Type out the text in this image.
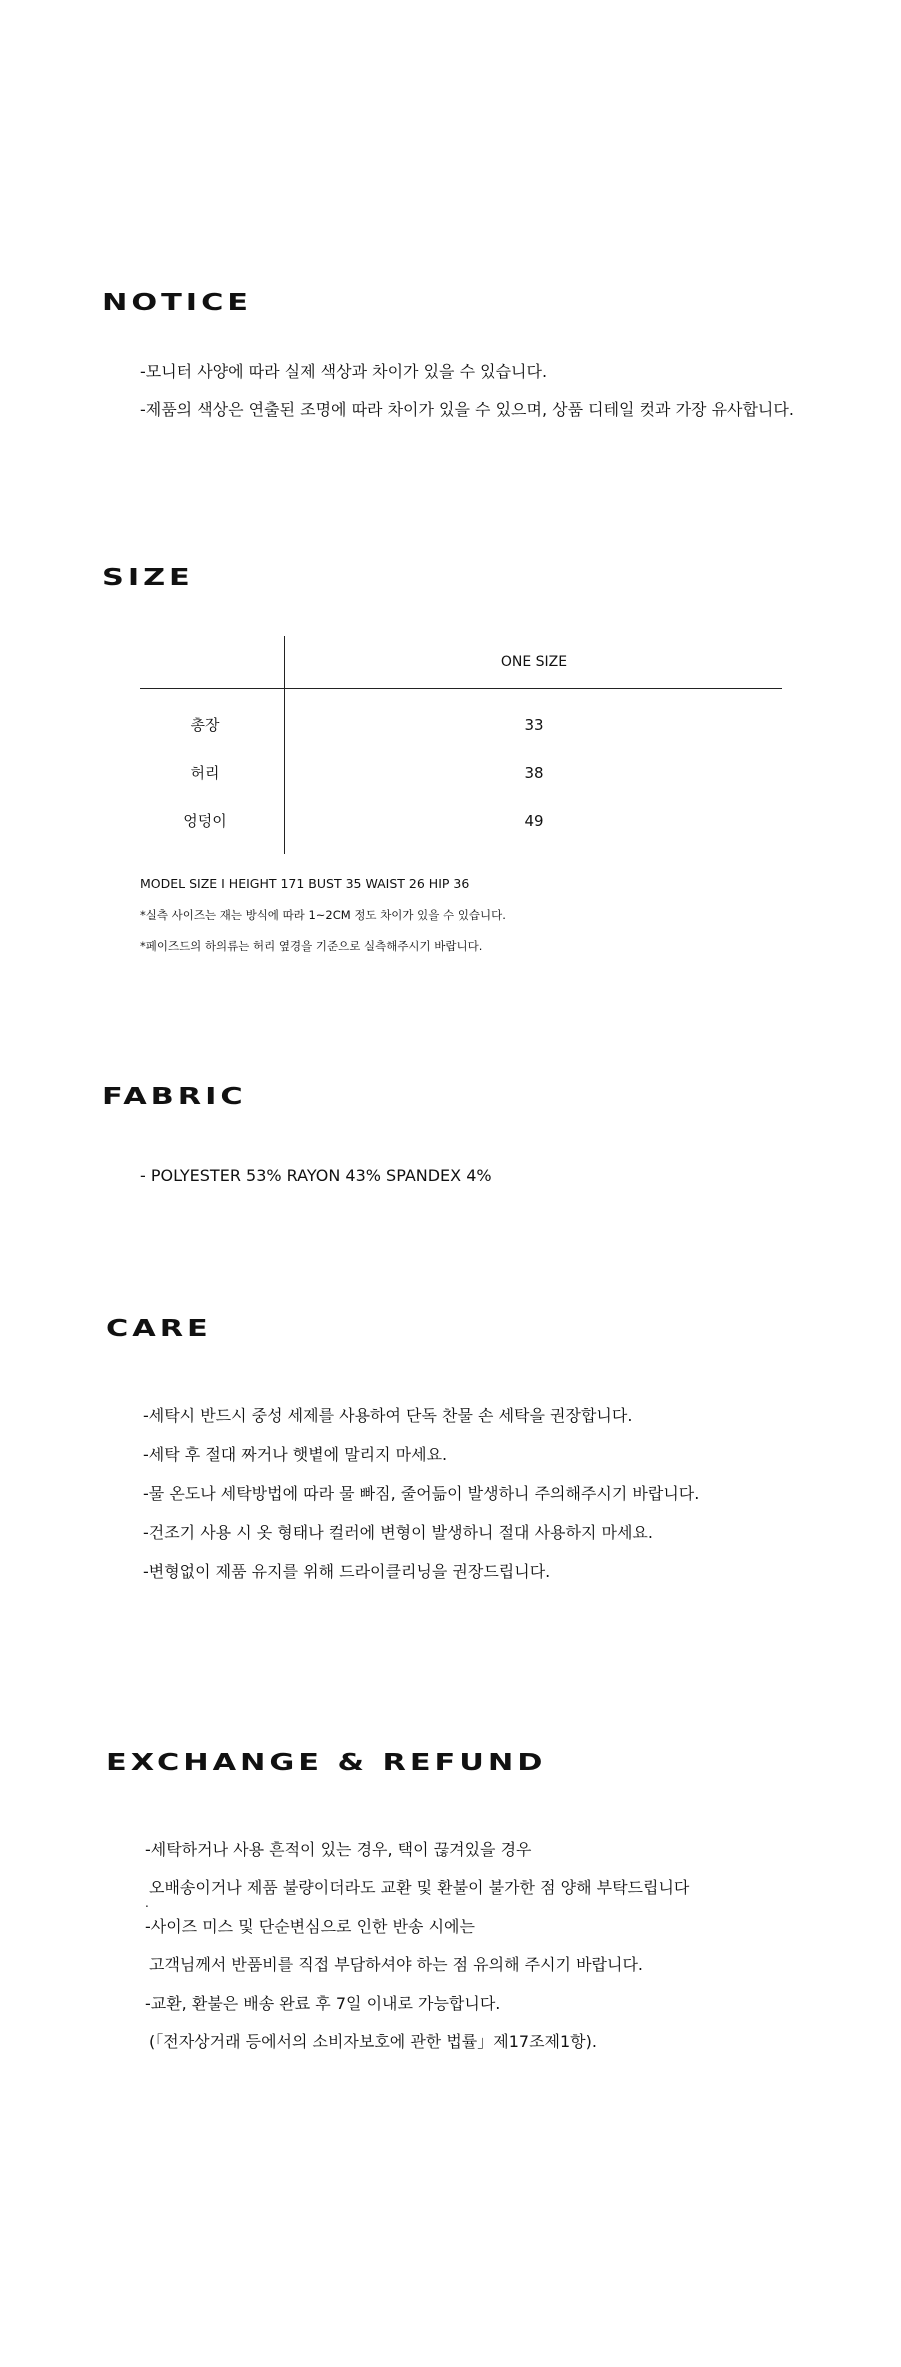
NOTICE

-모니터 사양에 따라 실제 색상과 차이가 있을 수 있습니다.

-제품의 색상은 연출된 조명에 따라 차이가 있을 수 있으며, 상품 디테일 컷과 가장 유사합니다.

SIZE
ONE SIZE
총장	33
허리	38
엉덩이	49

MODEL SIZE I HEIGHT 171 BUST 35 WAIST 26 HIP 36

*실측 사이즈는 재는 방식에 따라 1~2CM 정도 차이가 있을 수 있습니다.

*페이즈드의 하의류는 허리 옆경을 기준으로 실측해주시기 바랍니다.

FABRIC

- POLYESTER 53% RAYON 43% SPANDEX 4%

CARE

-세탁시 반드시 중성 세제를 사용하여 단독 찬물 손 세탁을 권장합니다.

-세탁 후 절대 짜거나 햇볕에 말리지 마세요.

-물 온도나 세탁방법에 따라 물 빠짐, 줄어듦이 발생하니 주의해주시기 바랍니다.

-건조기 사용 시 옷 형태나 컬러에 변형이 발생하니 절대 사용하지 마세요.

-변형없이 제품 유지를 위해 드라이클리닝을 권장드립니다.

EXCHANGE & REFUND

-세탁하거나 사용 흔적이 있는 경우, 택이 끊겨있을 경우

오배송이거나 제품 불량이더라도 교환 및 환불이 불가한 점 양해 부탁드립니다

.

-사이즈 미스 및 단순변심으로 인한 반송 시에는

고객님께서 반품비를 직접 부담하셔야 하는 점 유의해 주시기 바랍니다.

-교환, 환불은 배송 완료 후 7일 이내로 가능합니다.

(「전자상거래 등에서의 소비자보호에 관한 법률」제17조제1항).
